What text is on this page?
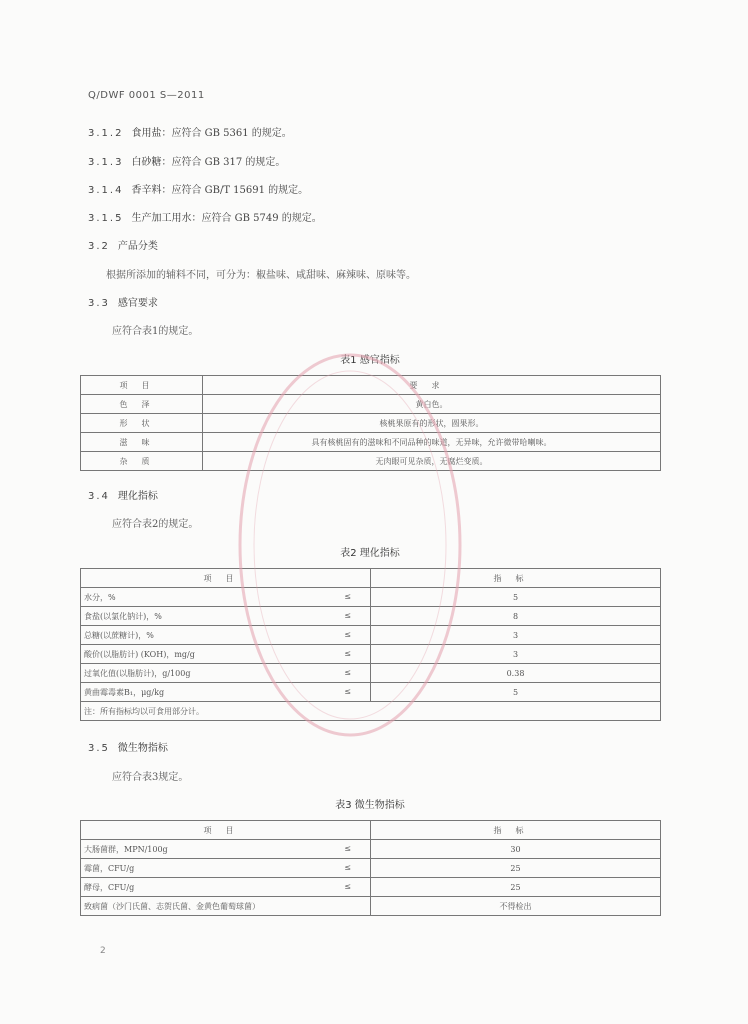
Q/DWF 0001 S—2011
3.1.2 食用盐：应符合 GB 5361 的规定。
3.1.3 白砂糖：应符合 GB 317 的规定。
3.1.4 香辛料：应符合 GB/T 15691 的规定。
3.1.5 生产加工用水：应符合 GB 5749 的规定。
3.2 产品分类
根据所添加的辅料不同，可分为：椒盐味、咸甜味、麻辣味、原味等。
3.3 感官要求
应符合表1的规定。
表1 感官指标
项目	要求
色泽	黄白色。
形状	核桃果原有的形状，圆果形。
滋味	具有核桃固有的滋味和不同品种的味道，无异味，允许微带哈喇味。
杂质	无肉眼可见杂质，无腐烂变质。
3.4 理化指标
应符合表2的规定。
表2 理化指标
项目	指标
水分，% ≤	5
食盐(以氯化钠计)，% ≤	8
总糖(以蔗糖计)，% ≤	3
酸价(以脂肪计) (KOH)，mg/g ≤	3
过氧化值(以脂肪计)，g/100g ≤	0.38
黄曲霉毒素B₁，μg/kg ≤	5
注：所有指标均以可食用部分计。	
3.5 微生物指标
应符合表3规定。
表3 微生物指标
项目	指标
大肠菌群，MPN/100g ≤	30
霉菌，CFU/g ≤	25
酵母，CFU/g ≤	25
致病菌（沙门氏菌、志贺氏菌、金黄色葡萄球菌）	不得检出
2
